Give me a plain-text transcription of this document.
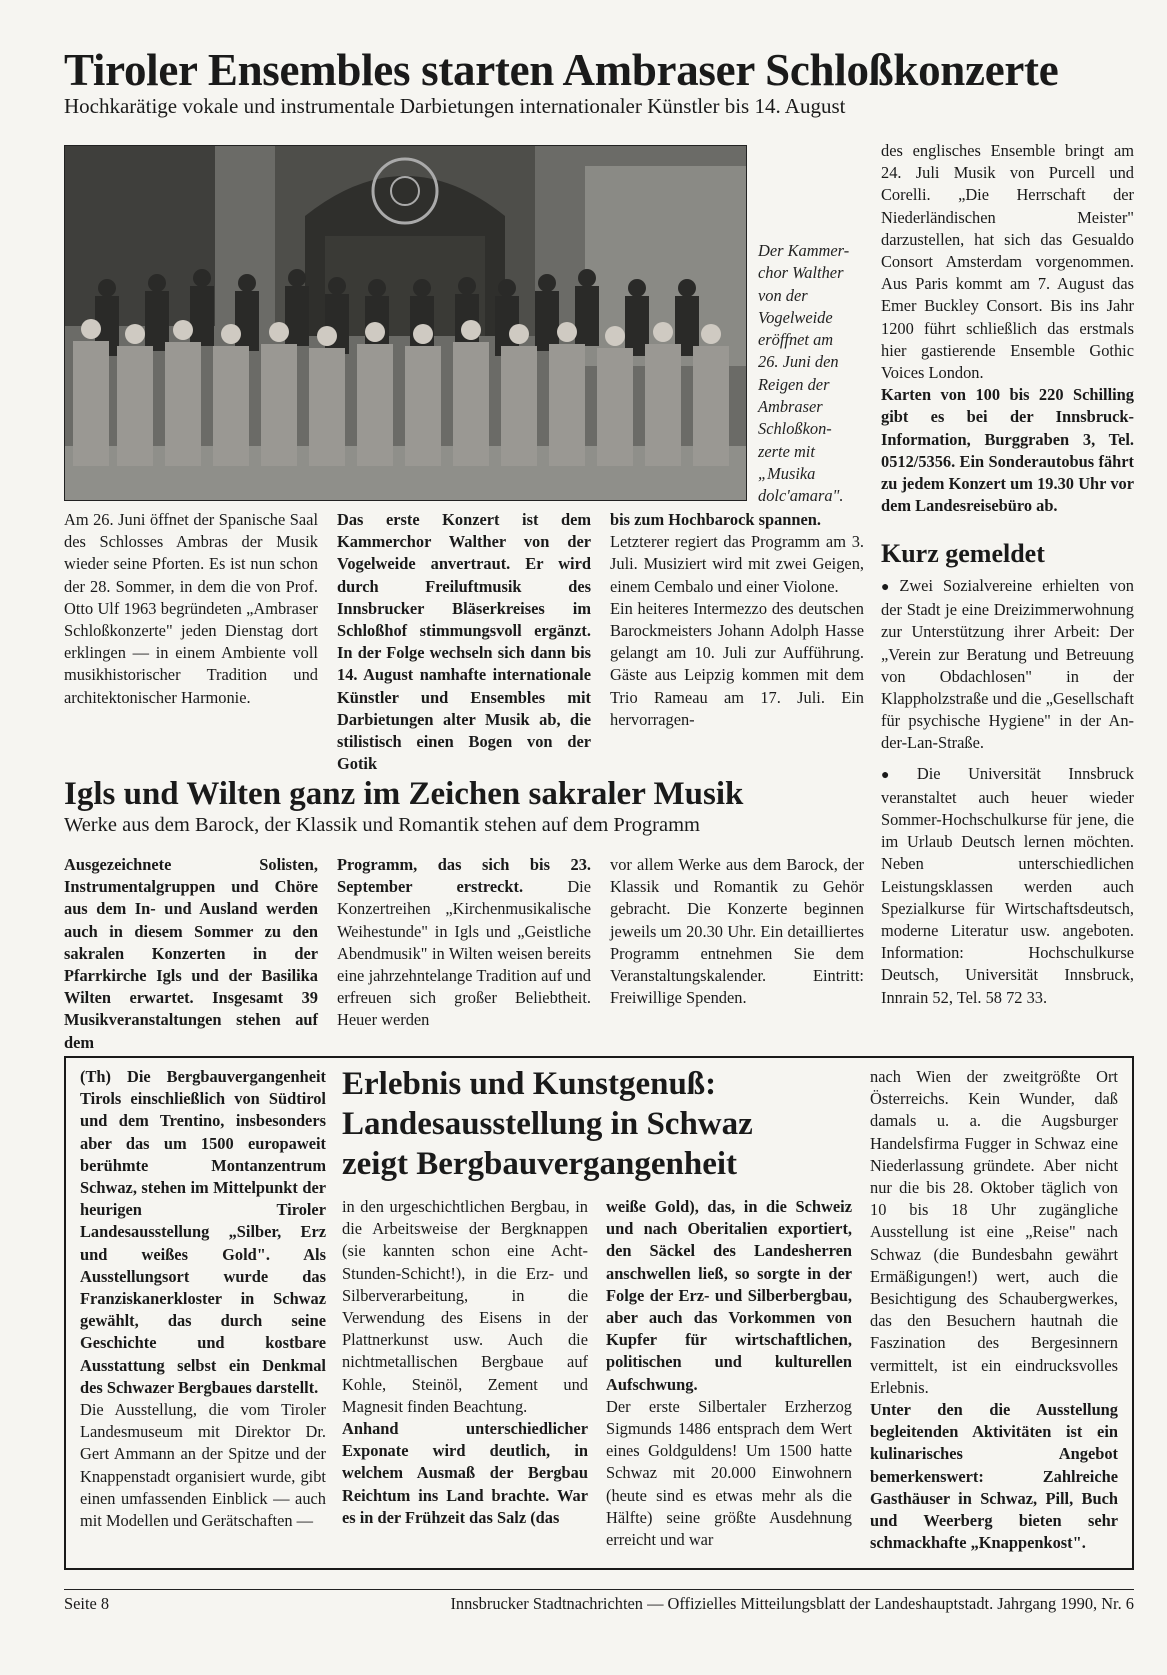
Tiroler Ensembles starten Ambraser Schloßkonzerte
Hochkarätige vokale und instrumentale Darbietungen internationaler Künstler bis 14. August
Der Kammer-
chor Walther
von der
Vogelweide
eröffnet am
26. Juni den
Reigen der
Ambraser
Schloßkon-
zerte mit
„Musika
dolc'amara".

Am 26. Juni öffnet der Spanische Saal des Schlosses Ambras der Musik wieder seine Pforten. Es ist nun schon der 28. Sommer, in dem die von Prof. Otto Ulf 1963 begründeten „Ambraser Schloßkonzerte" jeden Dienstag dort erklingen — in einem Ambiente voll musikhistorischer Tradition und architektonischer Harmonie.

Das erste Konzert ist dem Kammerchor Walther von der Vogelweide anvertraut. Er wird durch Freiluftmusik des Innsbrucker Bläserkreises im Schloßhof stimmungsvoll ergänzt. In der Folge wechseln sich dann bis 14. August namhafte internationale Künstler und Ensembles mit Darbietungen alter Musik ab, die stilistisch einen Bogen von der Gotik

bis zum Hochbarock spannen.

Letzterer regiert das Programm am 3. Juli. Musiziert wird mit zwei Geigen, einem Cembalo und einer Violone.

Ein heiteres Intermezzo des deutschen Barockmeisters Johann Adolph Hasse gelangt am 10. Juli zur Aufführung. Gäste aus Leipzig kommen mit dem Trio Rameau am 17. Juli. Ein hervorragen-

des englisches Ensemble bringt am 24. Juli Musik von Purcell und Corelli. „Die Herrschaft der Niederländischen Meister" darzustellen, hat sich das Gesualdo Consort Amsterdam vorgenommen. Aus Paris kommt am 7. August das Emer Buckley Consort. Bis ins Jahr 1200 führt schließlich das erstmals hier gastierende Ensemble Gothic Voices London.

Karten von 100 bis 220 Schilling gibt es bei der Innsbruck-Information, Burggraben 3, Tel. 0512/5356. Ein Sonderautobus fährt zu jedem Konzert um 19.30 Uhr vor dem Landesreisebüro ab.

Kurz gemeldet
● Zwei Sozialvereine erhielten von der Stadt je eine Dreizimmerwohnung zur Unterstützung ihrer Arbeit: Der „Verein zur Beratung und Betreuung von Obdachlosen" in der Klappholzstraße und die „Gesellschaft für psychische Hygiene" in der An-der-Lan-Straße.
● Die Universität Innsbruck veranstaltet auch heuer wieder Sommer-Hochschulkurse für jene, die im Urlaub Deutsch lernen möchten. Neben unterschiedlichen Leistungsklassen werden auch Spezialkurse für Wirtschaftsdeutsch, moderne Literatur usw. angeboten. Information: Hochschulkurse Deutsch, Universität Innsbruck, Innrain 52, Tel. 58 72 33.
Igls und Wilten ganz im Zeichen sakraler Musik
Werke aus dem Barock, der Klassik und Romantik stehen auf dem Programm

Ausgezeichnete Solisten, Instrumentalgruppen und Chöre aus dem In- und Ausland werden auch in diesem Sommer zu den sakralen Konzerten in der Pfarrkirche Igls und der Basilika Wilten erwartet. Insgesamt 39 Musikveranstaltungen stehen auf dem

Programm, das sich bis 23. September erstreckt.	Die Konzertreihen „Kirchenmusikalische Weihestunde" in Igls und „Geistliche Abendmusik" in Wilten weisen bereits eine jahrzehntelange Tradition auf und erfreuen sich großer Beliebtheit. Heuer werden

vor allem Werke aus dem Barock, der Klassik und Romantik zu Gehör gebracht. Die Konzerte beginnen jeweils um 20.30 Uhr. Ein detailliertes Programm entnehmen Sie dem Veranstaltungskalender. Eintritt: Freiwillige Spenden.

(Th) Die Bergbauvergangenheit Tirols einschließlich von Südtirol und dem Trentino, insbesonders aber das um 1500 europaweit berühmte Montanzentrum Schwaz, stehen im Mittelpunkt der heurigen Tiroler Landesausstellung „Silber, Erz und weißes Gold". Als Ausstellungsort wurde das Franziskanerkloster in Schwaz gewählt, das durch seine Geschichte und kostbare Ausstattung selbst ein Denkmal des Schwazer Bergbaues darstellt.

Die Ausstellung, die vom Tiroler Landesmuseum mit Direktor Dr. Gert Ammann an der Spitze und der Knappenstadt organisiert wurde, gibt einen umfassenden Einblick — auch mit Modellen und Gerätschaften —

Erlebnis und Kunstgenuß:
Landesausstellung in Schwaz
zeigt Bergbauvergangenheit

in den urgeschichtlichen Bergbau, in die Arbeitsweise der Bergknappen (sie kannten schon eine Acht-Stunden-Schicht!), in die Erz- und Silberverarbeitung, in die Verwendung des Eisens in der Plattnerkunst usw. Auch die nichtmetallischen Bergbaue auf Kohle, Steinöl, Zement und Magnesit finden Beachtung.

Anhand unterschiedlicher Exponate wird deutlich, in welchem Ausmaß der Bergbau Reichtum ins Land brachte. War es in der Frühzeit das Salz (das

weiße Gold), das, in die Schweiz und nach Oberitalien exportiert, den Säckel des Landesherren anschwellen ließ, so sorgte in der Folge der Erz- und Silberbergbau, aber auch das Vorkommen von Kupfer für wirtschaftlichen, politischen und kulturellen Aufschwung.

Der erste Silbertaler Erzherzog Sigmunds 1486 entsprach dem Wert eines Goldguldens! Um 1500 hatte Schwaz mit 20.000 Einwohnern (heute sind es etwas mehr als die Hälfte) seine größte Ausdehnung erreicht und war

nach Wien der zweitgrößte Ort Österreichs. Kein Wunder, daß damals u. a. die Augsburger Handelsfirma Fugger in Schwaz eine Niederlassung gründete. Aber nicht nur die bis 28. Oktober täglich von 10 bis 18 Uhr zugängliche Ausstellung ist eine „Reise" nach Schwaz (die Bundesbahn gewährt Ermäßigungen!) wert, auch die Besichtigung des Schaubergwerkes, das den Besuchern hautnah die Faszination des Bergesinnern vermittelt, ist ein eindrucksvolles Erlebnis.

Unter den die Ausstellung begleitenden Aktivitäten ist ein kulinarisches Angebot bemerkenswert: Zahlreiche Gasthäuser in Schwaz, Pill, Buch und Weerberg bieten sehr schmackhafte „Knappenkost".

Seite 8	Innsbrucker Stadtnachrichten — Offizielles Mitteilungsblatt der Landeshauptstadt. Jahrgang 1990, Nr. 6
